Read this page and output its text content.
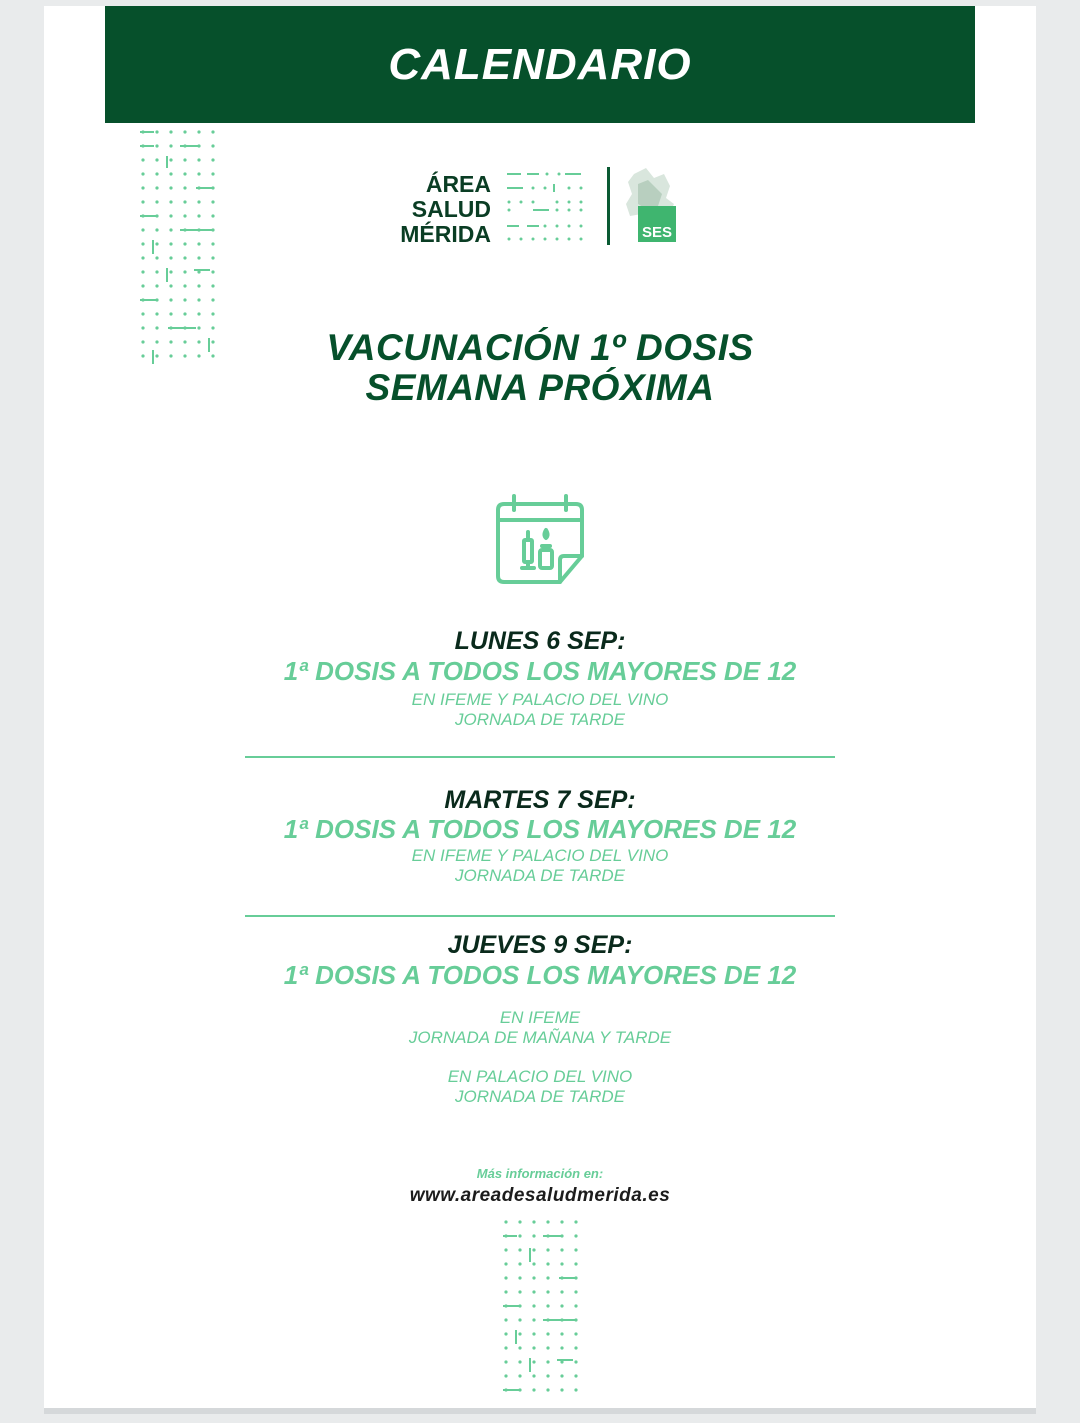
CALENDARIO
ÁREA
SALUD
MÉRIDA	SES
VACUNACIÓN 1º DOSIS
SEMANA PRÓXIMA
LUNES 6 SEP:
1ª DOSIS A TODOS LOS MAYORES DE 12
EN IFEME Y PALACIO DEL VINO
JORNADA DE TARDE
MARTES 7 SEP:
1ª DOSIS A TODOS LOS MAYORES DE 12
EN IFEME Y PALACIO DEL VINO
JORNADA DE TARDE
JUEVES 9 SEP:
1ª DOSIS A TODOS LOS MAYORES DE 12
EN IFEME
JORNADA DE MAÑANA Y TARDE
EN PALACIO DEL VINO
JORNADA DE TARDE
Más información en:
www.areadesaludmerida.es
